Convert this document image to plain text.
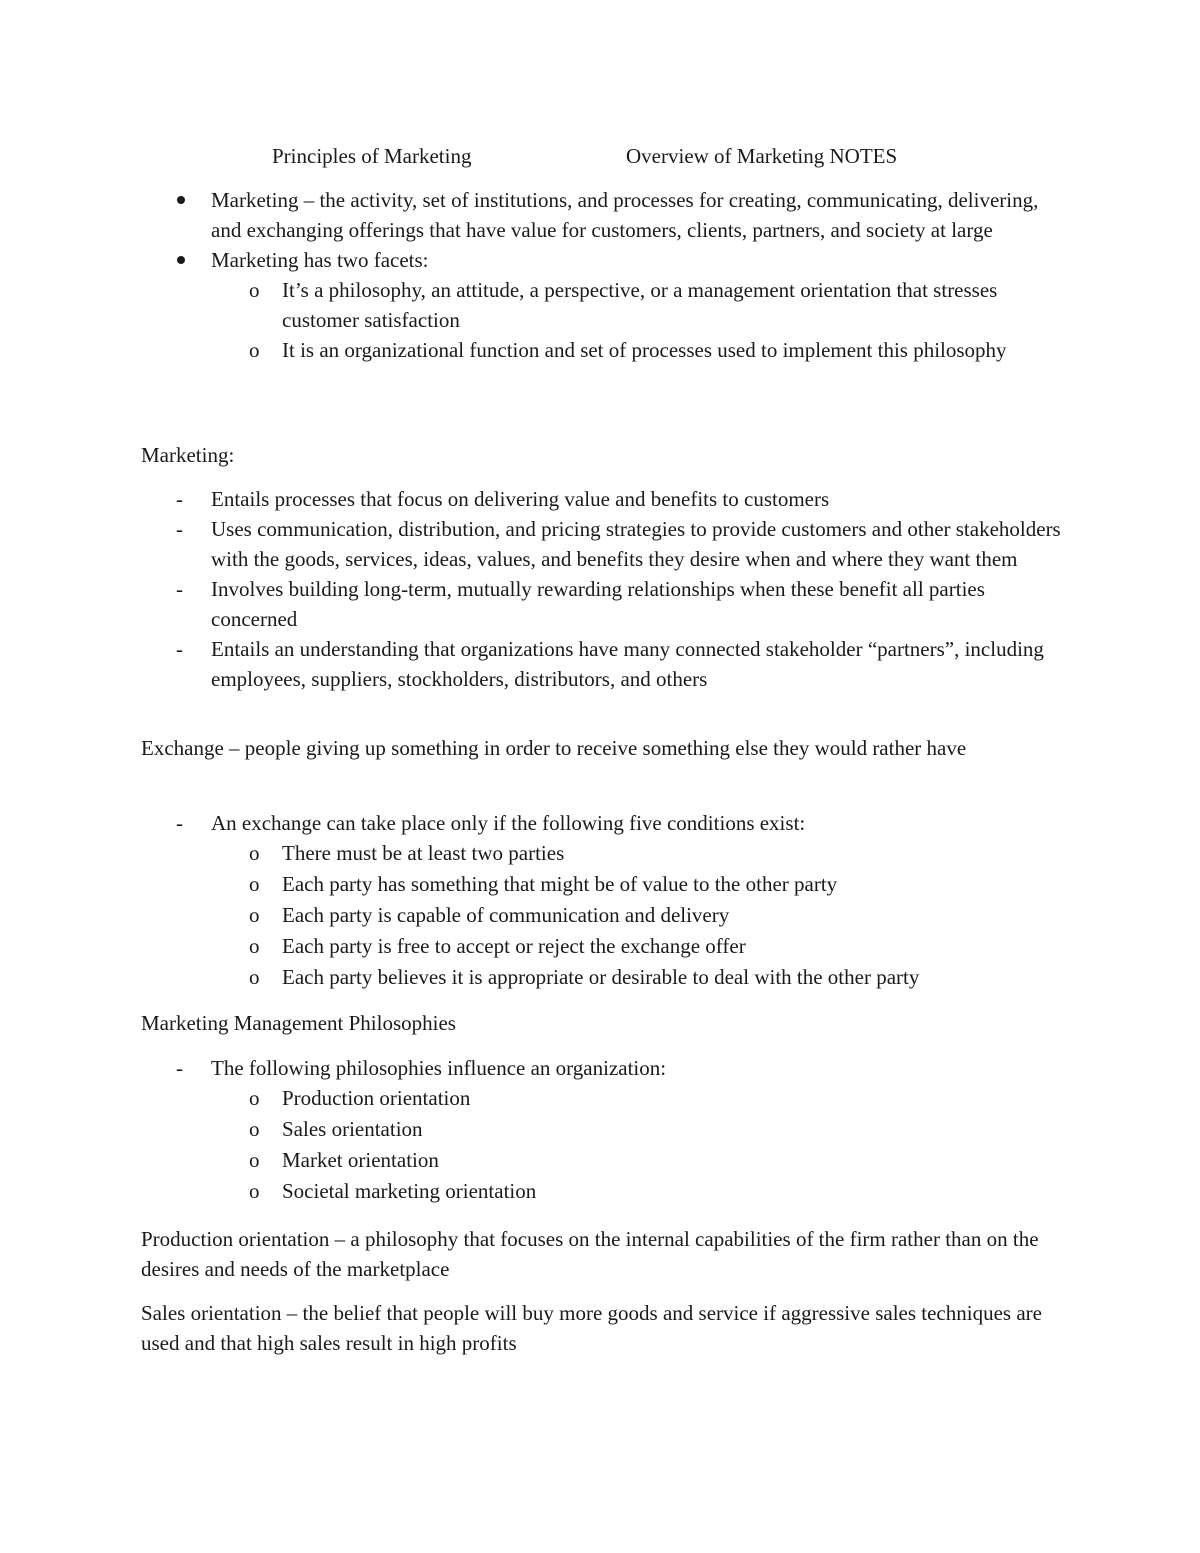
Principles of Marketing	Overview of Marketing NOTES
Marketing – the activity, set of institutions, and processes for creating, communicating, delivering, and exchanging offerings that have value for customers, clients, partners, and society at large
Marketing has two facets:
o It’s a philosophy, an attitude, a perspective, or a management orientation that stresses customer satisfaction
o It is an organizational function and set of processes used to implement this philosophy

Marketing:

- Entails processes that focus on delivering value and benefits to customers
- Uses communication, distribution, and pricing strategies to provide customers and other stakeholders with the goods, services, ideas, values, and benefits they desire when and where they want them
- Involves building long-term, mutually rewarding relationships when these benefit all parties concerned
- Entails an understanding that organizations have many connected stakeholder “partners”, including employees, suppliers, stockholders, distributors, and others

Exchange – people giving up something in order to receive something else they would rather have

- An exchange can take place only if the following five conditions exist:
o There must be at least two parties
o Each party has something that might be of value to the other party
o Each party is capable of communication and delivery
o Each party is free to accept or reject the exchange offer
o Each party believes it is appropriate or desirable to deal with the other party

Marketing Management Philosophies

- The following philosophies influence an organization:
o Production orientation
o Sales orientation
o Market orientation
o Societal marketing orientation

Production orientation – a philosophy that focuses on the internal capabilities of the firm rather than on the desires and needs of the marketplace

Sales orientation – the belief that people will buy more goods and service if aggressive sales techniques are used and that high sales result in high profits
